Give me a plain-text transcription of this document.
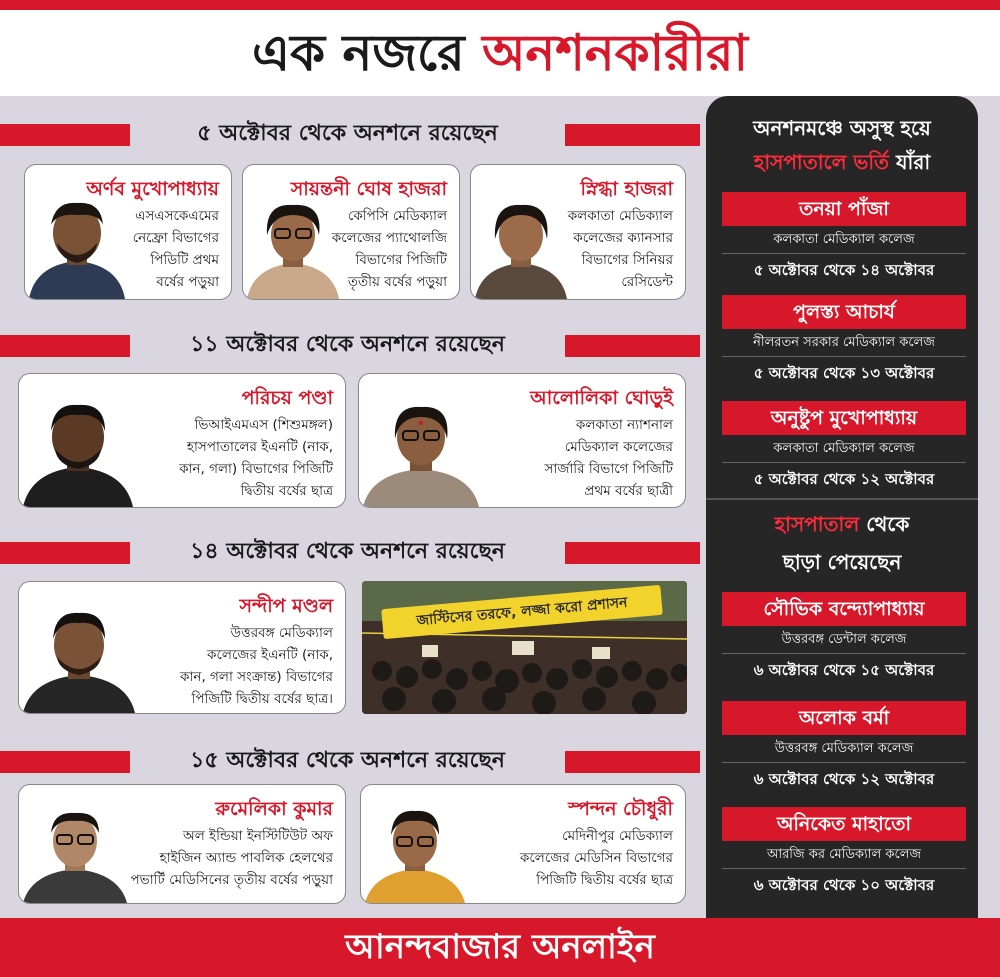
এক নজরে অনশনকারীরা
৫ অক্টোবর থেকে অনশনে রয়েছেন
অর্ণব মুখোপাধ্যায়
এসএসকেএমের
নেফ্রো বিভাগের
পিডিটি প্রথম
বর্ষের পড়ুয়া
সায়ন্তনী ঘোষ হাজরা
কেপিসি মেডিক্যাল
কলেজের প্যাথোলজি
বিভাগের পিজিটি
তৃতীয় বর্ষের পড়ুয়া
স্নিগ্ধা হাজরা
কলকাতা মেডিক্যাল
কলেজের ক্যানসার
বিভাগের সিনিয়র
রেসিডেন্ট
১১ অক্টোবর থেকে অনশনে রয়েছেন
পরিচয় পণ্ডা
ভিআইএমএস (শিশুমঙ্গল)
হাসপাতালের ইএনটি (নাক,
কান, গলা) বিভাগের পিজিটি
দ্বিতীয় বর্ষের ছাত্র
আলোলিকা ঘোড়ুই
কলকাতা ন্যাশনাল
মেডিক্যাল কলেজের
সার্জারি বিভাগে পিজিটি
প্রথম বর্ষের ছাত্রী
১৪ অক্টোবর থেকে অনশনে রয়েছেন
সন্দীপ মণ্ডল
উত্তরবঙ্গ মেডিক্যাল
কলেজের ইএনটি (নাক,
কান, গলা সংক্রান্ত) বিভাগের
পিজিটি দ্বিতীয় বর্ষের ছাত্র।
জাস্টিসের তরফে, লজ্জা করো প্রশাসন
১৫ অক্টোবর থেকে অনশনে রয়েছেন
রুমেলিকা কুমার
অল ইন্ডিয়া ইনস্টিটিউট অফ
হাইজিন অ্যান্ড পাবলিক হেলথের
পভার্টি মেডিসিনের তৃতীয় বর্ষের পড়ুয়া
স্পন্দন চৌধুরী
মেদিনীপুর মেডিক্যাল
কলেজের মেডিসিন বিভাগের
পিজিটি দ্বিতীয় বর্ষের ছাত্র
অনশনমঞ্চে অসুস্থ হয়ে
হাসপাতালে ভর্তি যাঁরা
তনয়া পাঁজা
কলকাতা মেডিক্যাল কলেজ
৫ অক্টোবর থেকে ১৪ অক্টোবর
পুলস্ত্য আচার্য
নীলরতন সরকার মেডিক্যাল কলেজ
৫ অক্টোবর থেকে ১৩ অক্টোবর
অনুষ্টুপ মুখোপাধ্যায়
কলকাতা মেডিক্যাল কলেজ
৫ অক্টোবর থেকে ১২ অক্টোবর
হাসপাতাল থেকে
ছাড়া পেয়েছেন
সৌভিক বন্দ্যোপাধ্যায়
উত্তরবঙ্গ ডেন্টাল কলেজ
৬ অক্টোবর থেকে ১৫ অক্টোবর
অলোক বর্মা
উত্তরবঙ্গ মেডিক্যাল কলেজ
৬ অক্টোবর থেকে ১২ অক্টোবর
অনিকেত মাহাতো
আরজি কর মেডিক্যাল কলেজ
৬ অক্টোবর থেকে ১০ অক্টোবর
আনন্দবাজার অনলাইন
